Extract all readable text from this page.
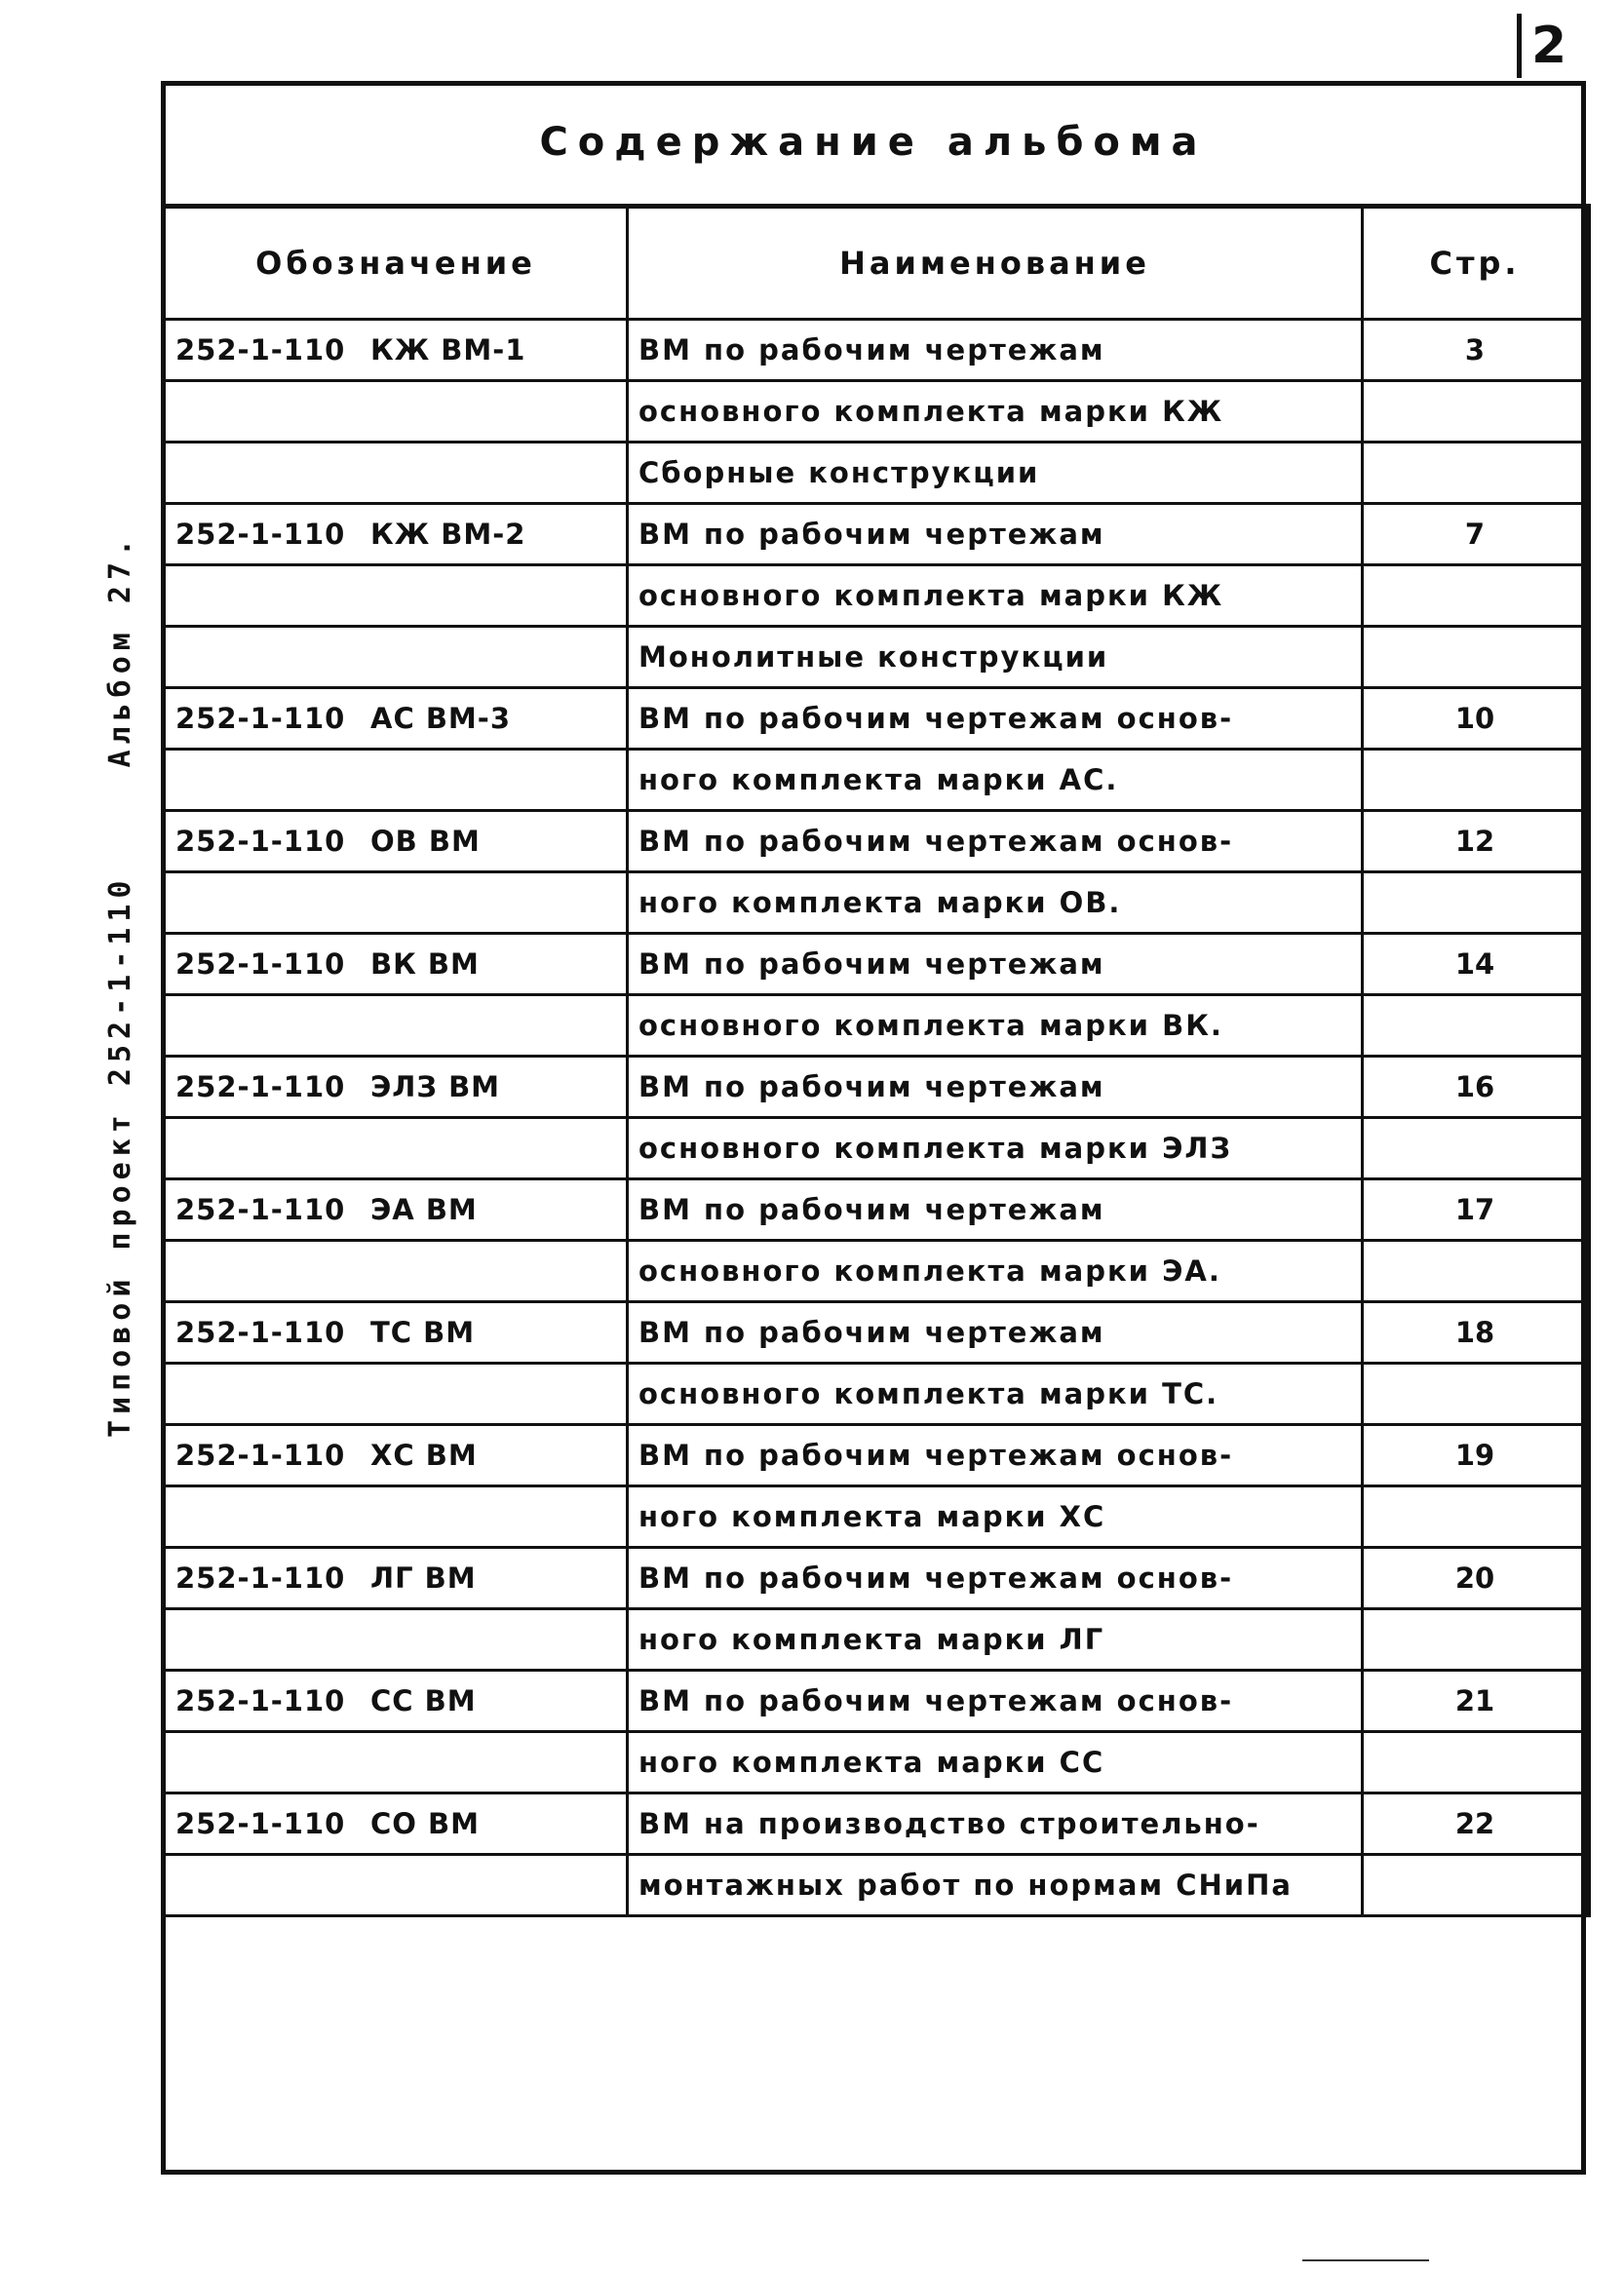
2
Типовой проект 252-1-110Альбом 27.
Содержание альбома
Обозначение	Наименование	Стр.
252-1-110 КЖ ВМ-1	ВМ по рабочим чертежам	3
	основного комплекта марки КЖ	
	Сборные конструкции	
252-1-110 КЖ ВМ-2	ВМ по рабочим чертежам	7
	основного комплекта марки КЖ	
	Монолитные конструкции	
252-1-110 АС ВМ-3	ВМ по рабочим чертежам основ-	10
	ного комплекта марки АС.	
252-1-110 ОВ ВМ	ВМ по рабочим чертежам основ-	12
	ного комплекта марки ОВ.	
252-1-110 ВК ВМ	ВМ по рабочим чертежам	14
	основного комплекта марки ВК.	
252-1-110 ЭЛЗ ВМ	ВМ по рабочим чертежам	16
	основного комплекта марки ЭЛЗ	
252-1-110 ЭА ВМ	ВМ по рабочим чертежам	17
	основного комплекта марки ЭА.	
252-1-110 ТС ВМ	ВМ по рабочим чертежам	18
	основного комплекта марки ТС.	
252-1-110 ХС ВМ	ВМ по рабочим чертежам основ-	19
	ного комплекта марки ХС	
252-1-110 ЛГ ВМ	ВМ по рабочим чертежам основ-	20
	ного комплекта марки ЛГ	
252-1-110 СС ВМ	ВМ по рабочим чертежам основ-	21
	ного комплекта марки СС	
252-1-110 СО ВМ	ВМ на производство строительно-	22
	монтажных работ по нормам СНиПа	
